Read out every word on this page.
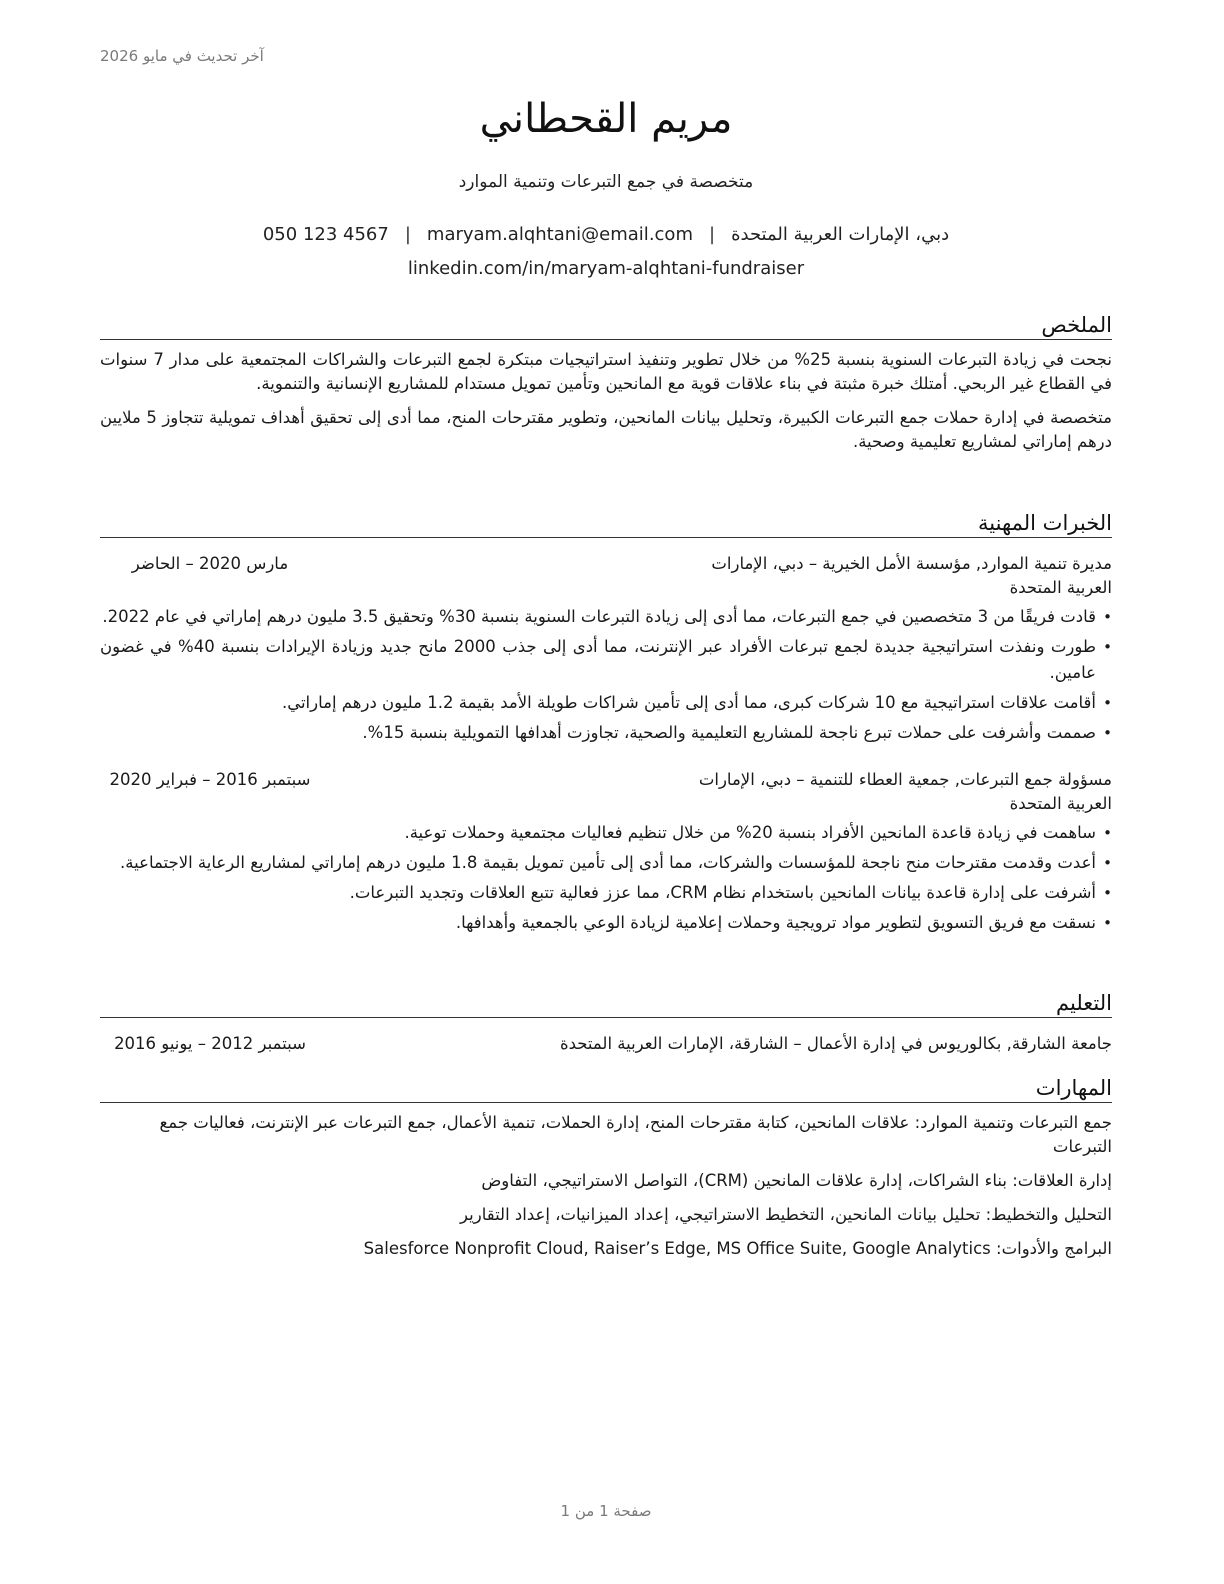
آخر تحديث في مايو 2026
مريم القحطاني
متخصصة في جمع التبرعات وتنمية الموارد
دبي، الإمارات العربية المتحدة|maryam.alqhtani@email.com|050 123 4567
linkedin.com/in/maryam-alqhtani-fundraiser
الملخص

نجحت في زيادة التبرعات السنوية بنسبة 25% من خلال تطوير وتنفيذ استراتيجيات مبتكرة لجمع التبرعات والشراكات المجتمعية على مدار 7 سنوات في القطاع غير الربحي. أمتلك خبرة مثبتة في بناء علاقات قوية مع المانحين وتأمين تمويل مستدام للمشاريع الإنسانية والتنموية.

متخصصة في إدارة حملات جمع التبرعات الكبيرة، وتحليل بيانات المانحين، وتطوير مقترحات المنح، مما أدى إلى تحقيق أهداف تمويلية تتجاوز 5 ملايين درهم إماراتي لمشاريع تعليمية وصحية.

الخبرات المهنية
مديرة تنمية الموارد, مؤسسة الأمل الخيرية – دبي، الإمارات العربية المتحدة
مارس 2020 – الحاضر
• قادت فريقًا من 3 متخصصين في جمع التبرعات، مما أدى إلى زيادة التبرعات السنوية بنسبة 30% وتحقيق 3.5 مليون درهم إماراتي في عام 2022.
• طورت ونفذت استراتيجية جديدة لجمع تبرعات الأفراد عبر الإنترنت، مما أدى إلى جذب 2000 مانح جديد وزيادة الإيرادات بنسبة 40% في غضون عامين.
• أقامت علاقات استراتيجية مع 10 شركات كبرى، مما أدى إلى تأمين شراكات طويلة الأمد بقيمة 1.2 مليون درهم إماراتي.
• صممت وأشرفت على حملات تبرع ناجحة للمشاريع التعليمية والصحية، تجاوزت أهدافها التمويلية بنسبة 15%.
مسؤولة جمع التبرعات, جمعية العطاء للتنمية – دبي، الإمارات العربية المتحدة
سبتمبر 2016 – فبراير 2020
• ساهمت في زيادة قاعدة المانحين الأفراد بنسبة 20% من خلال تنظيم فعاليات مجتمعية وحملات توعية.
• أعدت وقدمت مقترحات منح ناجحة للمؤسسات والشركات، مما أدى إلى تأمين تمويل بقيمة 1.8 مليون درهم إماراتي لمشاريع الرعاية الاجتماعية.
• أشرفت على إدارة قاعدة بيانات المانحين باستخدام نظام CRM، مما عزز فعالية تتبع العلاقات وتجديد التبرعات.
• نسقت مع فريق التسويق لتطوير مواد ترويجية وحملات إعلامية لزيادة الوعي بالجمعية وأهدافها.
التعليم
جامعة الشارقة, بكالوريوس في إدارة الأعمال – الشارقة، الإمارات العربية المتحدة
سبتمبر 2012 – يونيو 2016
المهارات
جمع التبرعات وتنمية الموارد: علاقات المانحين، كتابة مقترحات المنح، إدارة الحملات، تنمية الأعمال، جمع التبرعات عبر الإنترنت، فعاليات جمع التبرعات
إدارة العلاقات: بناء الشراكات، إدارة علاقات المانحين (CRM)، التواصل الاستراتيجي، التفاوض
التحليل والتخطيط: تحليل بيانات المانحين، التخطيط الاستراتيجي، إعداد الميزانيات، إعداد التقارير
البرامج والأدوات: Salesforce Nonprofit Cloud, Raiser’s Edge, MS Office Suite, Google Analytics
صفحة 1 من 1
